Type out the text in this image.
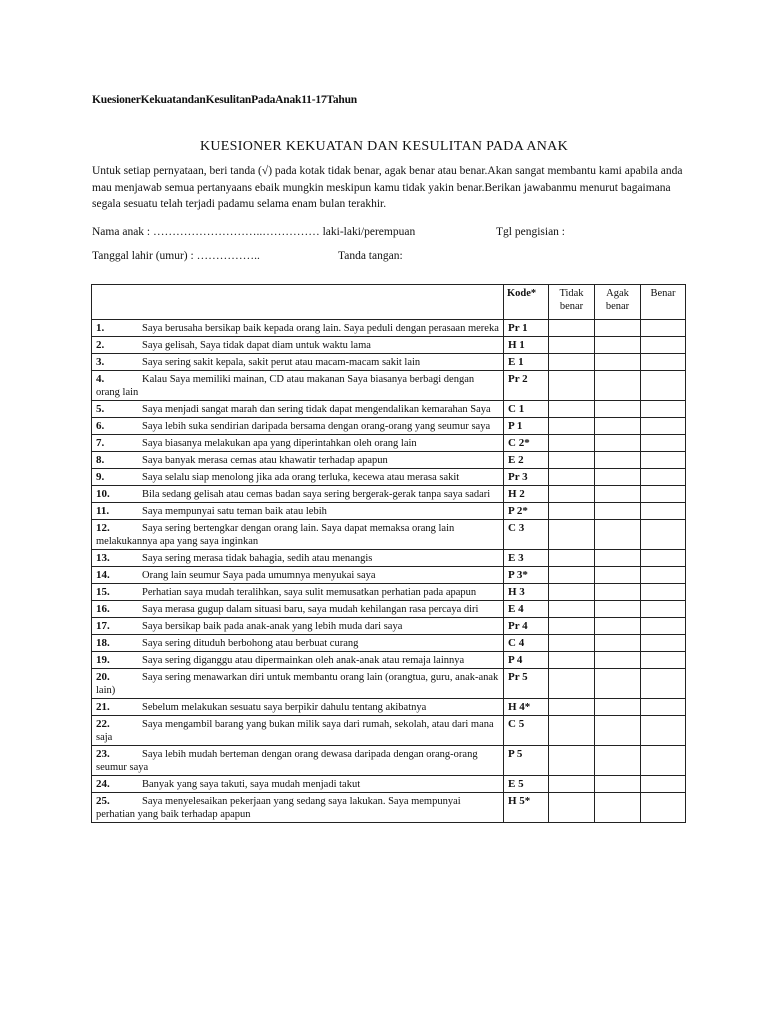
KuesionerKekuatandanKesulitanPadaAnak11-17Tahun
KUESIONER KEKUATAN DAN KESULITAN PADA ANAK
Untuk setiap pernyataan, beri tanda (√) pada kotak tidak benar, agak benar atau benar.Akan sangat membantu kami apabila anda mau menjawab semua pertanyaans ebaik mungkin meskipun kamu tidak yakin benar.Berikan jawabanmu menurut bagaimana segala sesuatu telah terjadi padamu selama enam bulan terakhir.
Nama anak : ………………………..…………… laki-laki/perempuan	Tgl pengisian :
Tanggal lahir (umur) : ……………..	Tanda tangan:
	Kode*	Tidak benar	Agak benar	Benar
1. Saya berusaha bersikap baik kepada orang lain. Saya peduli dengan perasaan mereka	Pr 1			
2. Saya gelisah, Saya tidak dapat diam untuk waktu lama	H 1			
3. Saya sering sakit kepala, sakit perut atau macam-macam sakit lain	E 1			
4. Kalau Saya memiliki mainan, CD atau makanan Saya biasanya berbagi dengan orang lain	Pr 2			
5. Saya menjadi sangat marah dan sering tidak dapat mengendalikan kemarahan Saya	C 1			
6. Saya lebih suka sendirian daripada bersama dengan orang-orang yang seumur saya	P 1			
7. Saya biasanya melakukan apa yang diperintahkan oleh orang lain	C 2*			
8. Saya banyak merasa cemas atau khawatir terhadap apapun	E 2			
9. Saya selalu siap menolong jika ada orang terluka, kecewa atau merasa sakit	Pr 3			
10. Bila sedang gelisah atau cemas badan saya sering bergerak-gerak tanpa saya sadari	H 2			
11. Saya mempunyai satu teman baik atau lebih	P 2*			
12. Saya sering bertengkar dengan orang lain. Saya dapat memaksa orang lain melakukannya apa yang saya inginkan	C 3			
13. Saya sering merasa tidak bahagia, sedih atau menangis	E 3			
14. Orang lain seumur Saya pada umumnya menyukai saya	P 3*			
15. Perhatian saya mudah teralihkan, saya sulit memusatkan perhatian pada apapun	H 3			
16. Saya merasa gugup dalam situasi baru, saya mudah kehilangan rasa percaya diri	E 4			
17. Saya bersikap baik pada anak-anak yang lebih muda dari saya	Pr 4			
18. Saya sering dituduh berbohong atau berbuat curang	C 4			
19. Saya sering diganggu atau dipermainkan oleh anak-anak atau remaja lainnya	P 4			
20. Saya sering menawarkan diri untuk membantu orang lain (orangtua, guru, anak-anak lain)	Pr 5			
21. Sebelum melakukan sesuatu saya berpikir dahulu tentang akibatnya	H 4*			
22. Saya mengambil barang yang bukan milik saya dari rumah, sekolah, atau dari mana saja	C 5			
23. Saya lebih mudah berteman dengan orang dewasa daripada dengan orang-orang seumur saya	P 5			
24. Banyak yang saya takuti, saya mudah menjadi takut	E 5			
25. Saya menyelesaikan pekerjaan yang sedang saya lakukan. Saya mempunyai perhatian yang baik terhadap apapun	H 5*			
